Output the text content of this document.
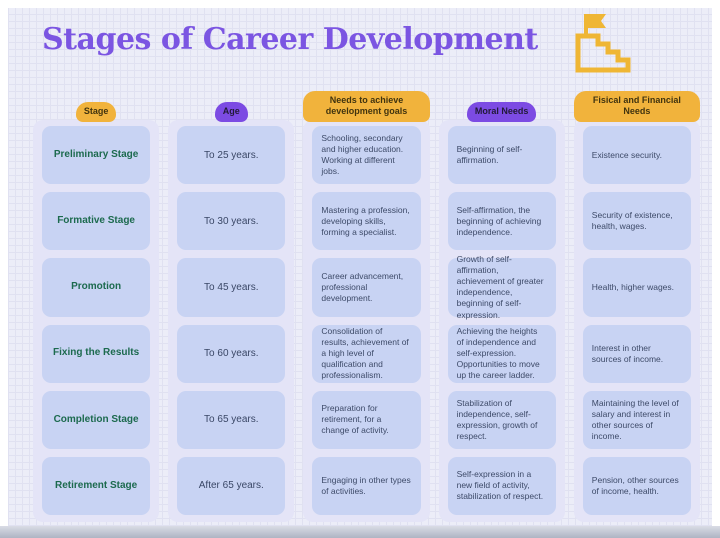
Stages of Career Development
Stage
Preliminary Stage
Formative Stage
Promotion
Fixing the Results
Completion Stage
Retirement Stage
Age
To 25 years.
To 30 years.
To 45 years.
To 60 years.
To 65 years.
After 65 years.
Needs to achieve development goals
Schooling, secondary and higher education. Working at different jobs.
Mastering a profession, developing skills, forming a specialist.
Career advancement, professional development.
Consolidation of results, achievement of a high level of qualification and professionalism.
Preparation for retirement, for a change of activity.
Engaging in other types of activities.
Moral Needs
Beginning of self-affirmation.
Self-affirmation, the beginning of achieving independence.
Growth of self-affirmation, achievement of greater independence, beginning of self-expression.
Achieving the heights of independence and self-expression. Opportunities to move up the career ladder.
Stabilization of independence, self-expression, growth of respect.
Self-expression in a new field of activity, stabilization of respect.
Fisical and Financial Needs
Existence security.
Security of existence, health, wages.
Health, higher wages.
Interest in other sources of income.
Maintaining the level of salary and interest in other sources of income.
Pension, other sources of income, health.
